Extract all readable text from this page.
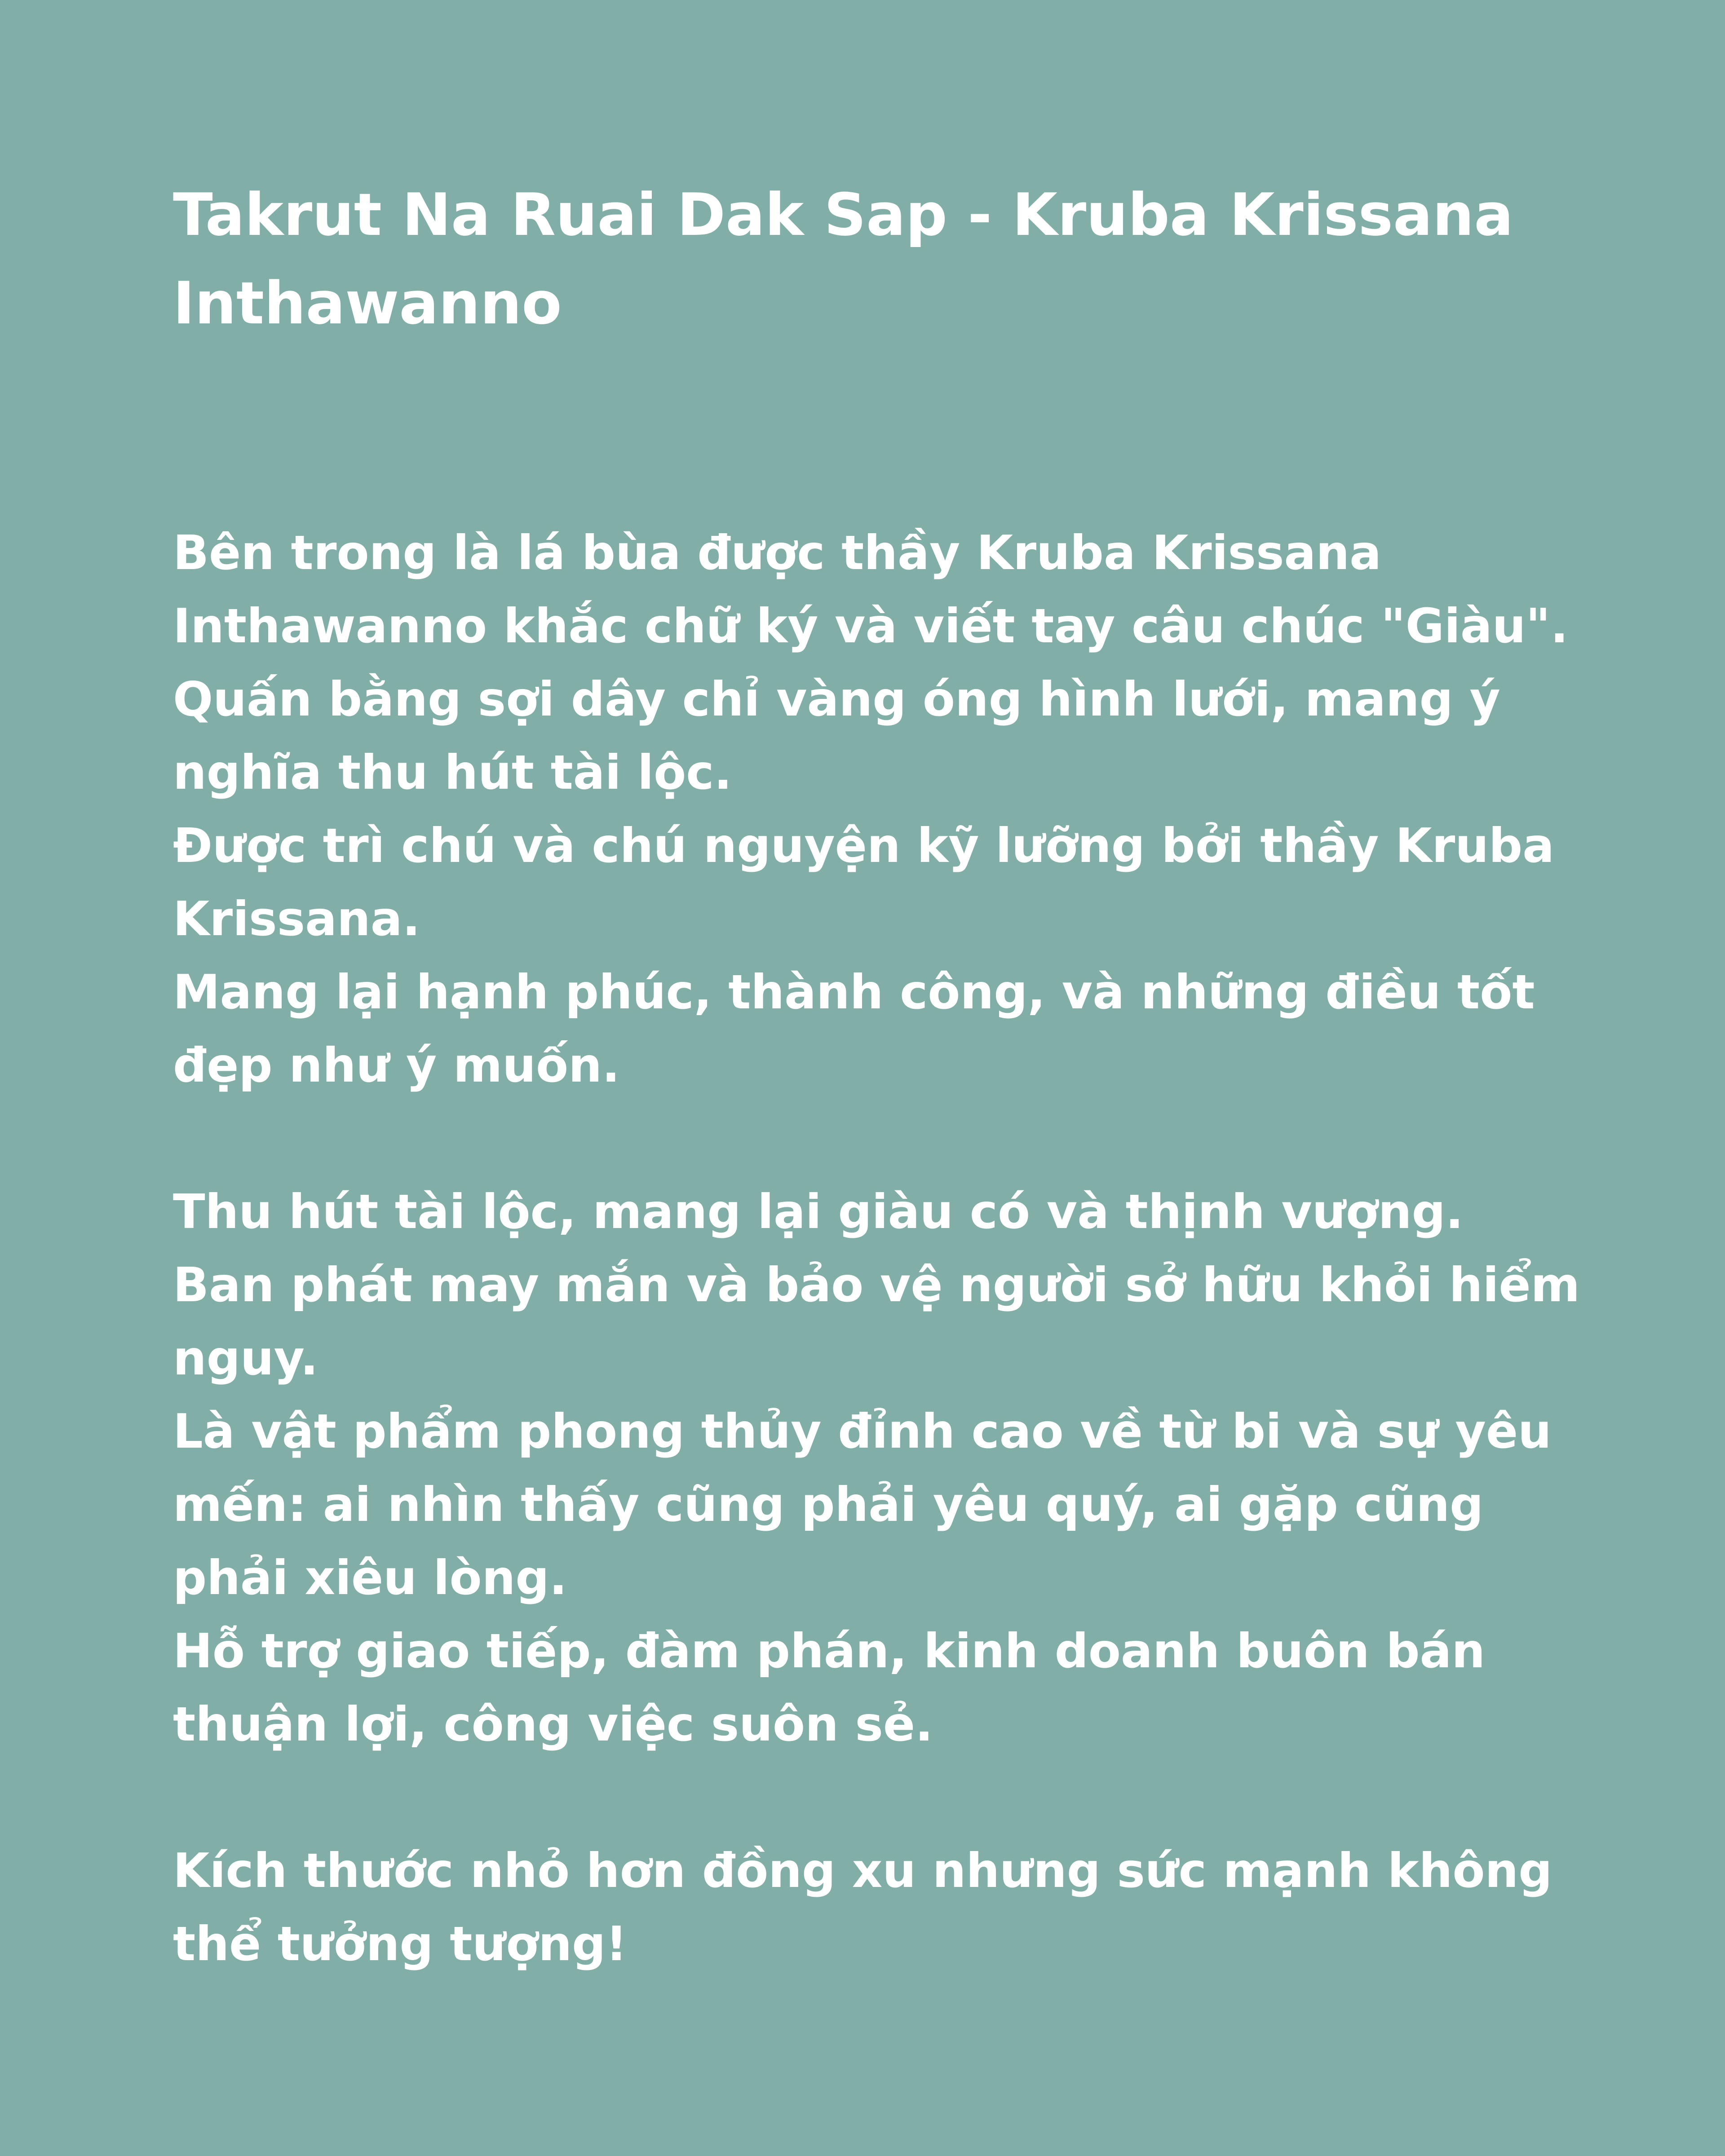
Takrut Na Ruai Dak Sap - Kruba Krissana
Inthawanno
Bên trong là lá bùa được thầy Kruba Krissana
Inthawanno khắc chữ ký và viết tay câu chúc "Giàu".
Quấn bằng sợi dây chỉ vàng óng hình lưới, mang ý
nghĩa thu hút tài lộc.
Được trì chú và chú nguyện kỹ lưỡng bởi thầy Kruba
Krissana.
Mang lại hạnh phúc, thành công, và những điều tốt
đẹp như ý muốn.
Thu hút tài lộc, mang lại giàu có và thịnh vượng.
Ban phát may mắn và bảo vệ người sở hữu khỏi hiểm
nguy.
Là vật phẩm phong thủy đỉnh cao về từ bi và sự yêu
mến: ai nhìn thấy cũng phải yêu quý, ai gặp cũng
phải xiêu lòng.
Hỗ trợ giao tiếp, đàm phán, kinh doanh buôn bán
thuận lợi, công việc suôn sẻ.
Kích thước nhỏ hơn đồng xu nhưng sức mạnh không
thể tưởng tượng!
